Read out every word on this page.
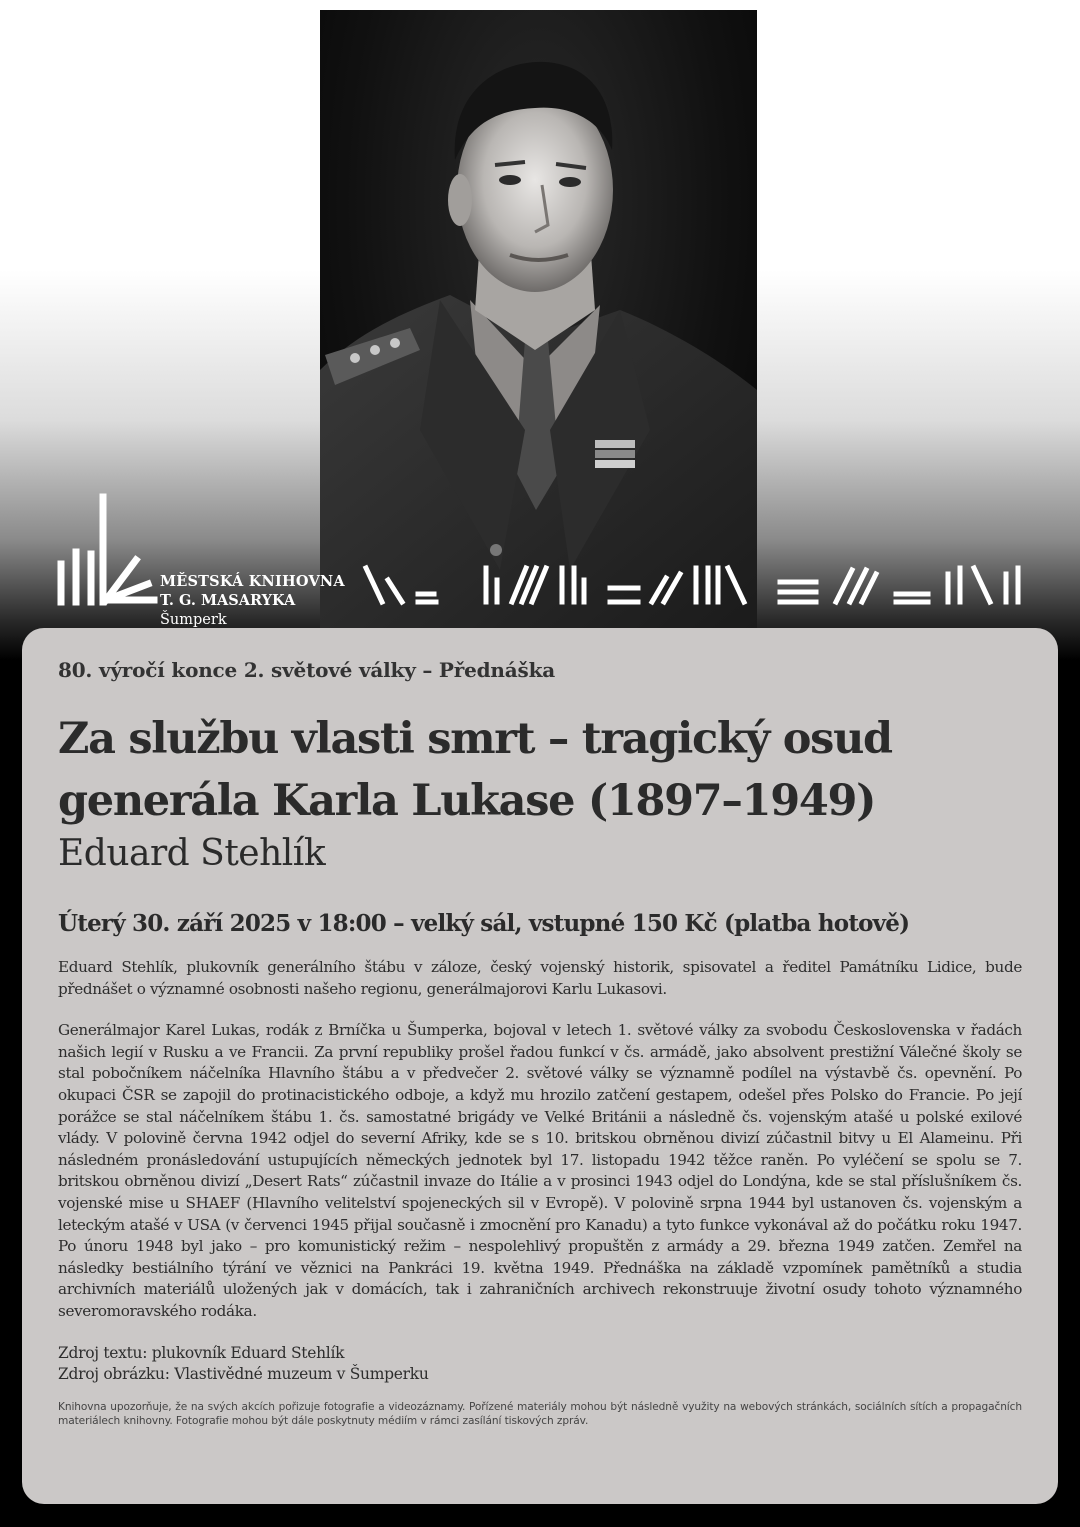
MĚSTSKÁ KNIHOVNA
T. G. MASARYKA Šumperk
80. výročí konce 2. světové války – Přednáška
Za službu vlasti smrt – tragický osud
generála Karla Lukase (1897–1949)
Eduard Stehlík
Úterý 30. září 2025 v 18:00 – velký sál, vstupné 150 Kč (platba hotově)

Eduard Stehlík, plukovník generálního štábu v záloze, český vojenský historik, spisovatel a ředitel Památníku Lidice, bude přednášet o významné osobnosti našeho regionu, generálmajorovi Karlu Lukasovi.

Generálmajor Karel Lukas, rodák z Brníčka u Šumperka, bojoval v letech 1. světové války za svobodu Československa v řadách našich legií v Rusku a ve Francii. Za první republiky prošel řadou funkcí v čs. armádě, jako absolvent prestižní Válečné školy se stal pobočníkem náčelníka Hlavního štábu a v předvečer 2. světové války se významně podílel na výstavbě čs. opevnění. Po okupaci ČSR se zapojil do protinacistického odboje, a když mu hrozilo zatčení gestapem, odešel přes Polsko do Francie. Po její porážce se stal náčelníkem štábu 1. čs. samostatné brigády ve Velké Británii a následně čs. vojenským atašé u polské exilové vlády. V polovině června 1942 odjel do severní Afriky, kde se s 10. britskou obrněnou divizí zúčastnil bitvy u El Alameinu. Při následném pronásledování ustupujících německých jednotek byl 17. listopadu 1942 těžce raněn. Po vyléčení se spolu se 7. britskou obrněnou divizí „Desert Rats“ zúčastnil invaze do Itálie a v prosinci 1943 odjel do Londýna, kde se stal příslušníkem čs. vojenské mise u SHAEF (Hlavního velitelství spojeneckých sil v Evropě). V polovině srpna 1944 byl ustanoven čs. vojenským a leteckým atašé v USA (v červenci 1945 přijal současně i zmocnění pro Kanadu) a tyto funkce vykonával až do počátku roku 1947. Po únoru 1948 byl jako – pro komunistický režim – nespolehlivý propuštěn z armády a 29. března 1949 zatčen. Zemřel na následky bestiálního týrání ve věznici na Pankráci 19. května 1949. Přednáška na základě vzpomínek pamětníků a studia archivních materiálů uložených jak v domácích, tak i zahraničních archivech rekonstruuje životní osudy tohoto významného severomoravského rodáka.

Zdroj textu: plukovník Eduard Stehlík
Zdroj obrázku: Vlastivědné muzeum v Šumperku

Knihovna upozorňuje, že na svých akcích pořizuje fotografie a videozáznamy. Pořízené materiály mohou být následně využity na webových stránkách, sociálních sítích a propagačních materiálech knihovny. Fotografie mohou být dále poskytnuty médiím v rámci zasílání tiskových zpráv.
